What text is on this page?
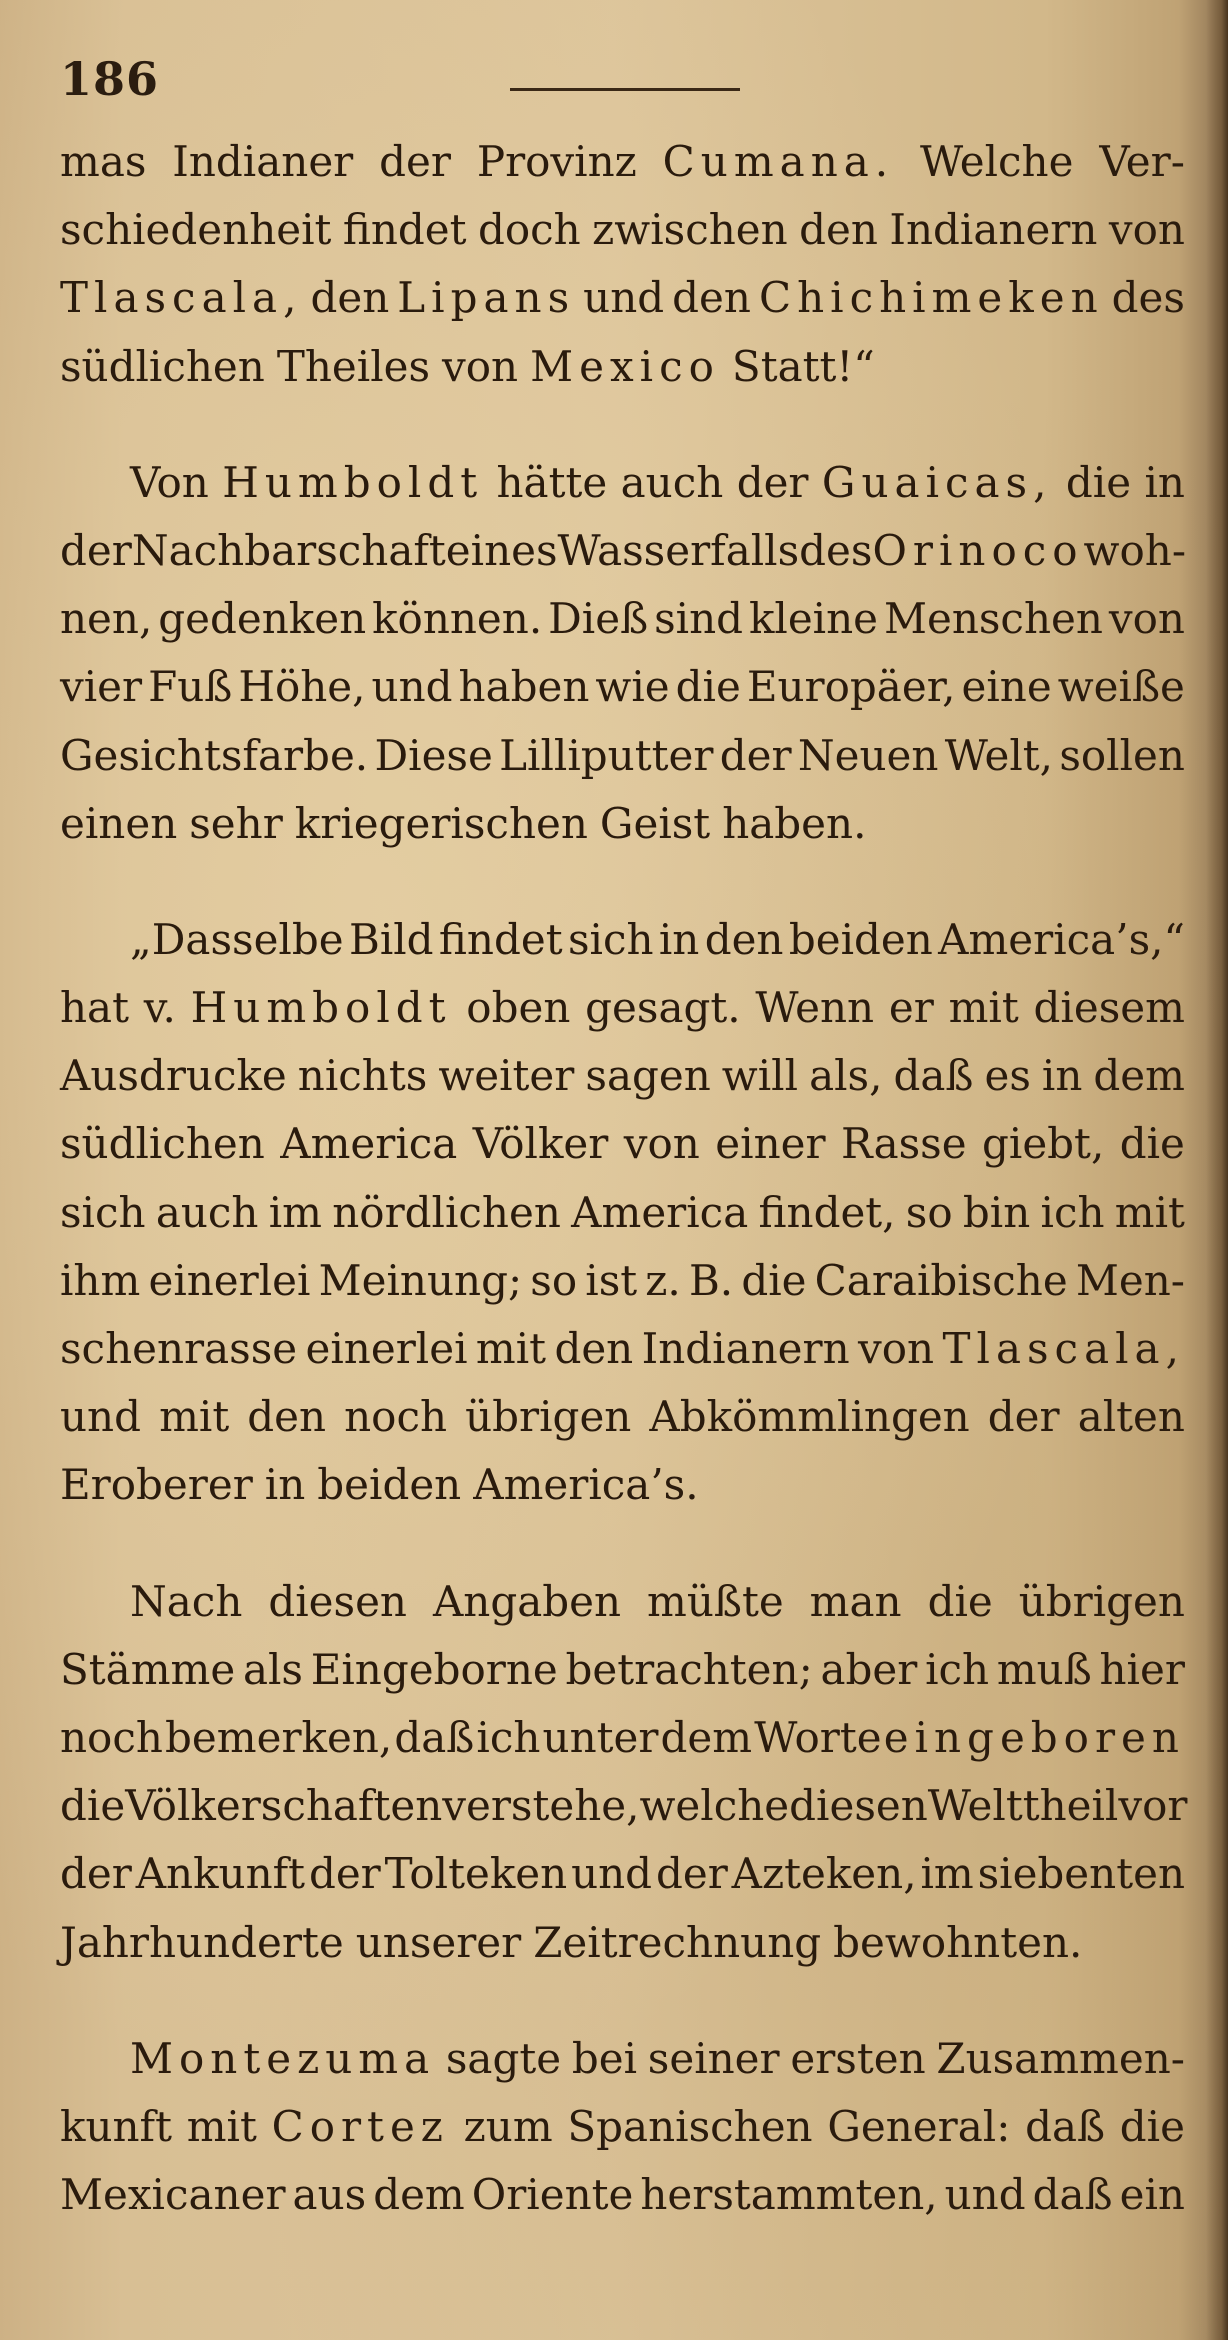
186
mas Indianer der Provinz Cumana. Welche Ver-
schiedenheit findet doch zwischen den Indianern von
Tlascala, den Lipans und den Chichimeken des
südlichen Theiles von Mexico Statt!“
Von Humboldt hätte auch der Guaicas, die in
der Nachbarschaft eines Wasserfalls des Orinoco woh-
nen, gedenken können. Dieß sind kleine Menschen von
vier Fuß Höhe, und haben wie die Europäer, eine weiße
Gesichtsfarbe. Diese Lilliputter der Neuen Welt, sollen
einen sehr kriegerischen Geist haben.
„Dasselbe Bild findet sich in den beiden America’s,“
hat v. Humboldt oben gesagt. Wenn er mit diesem
Ausdrucke nichts weiter sagen will als, daß es in dem
südlichen America Völker von einer Rasse giebt, die
sich auch im nördlichen America findet, so bin ich mit
ihm einerlei Meinung; so ist z. B. die Caraibische Men-
schenrasse einerlei mit den Indianern von Tlascala,
und mit den noch übrigen Abkömmlingen der alten
Eroberer in beiden America’s.
Nach diesen Angaben müßte man die übrigen
Stämme als Eingeborne betrachten; aber ich muß hier
noch bemerken, daß ich unter dem Worte eingeboren
die Völkerschaften verstehe, welche diesen Welttheil vor
der Ankunft der Tolteken und der Azteken, im siebenten
Jahrhunderte unserer Zeitrechnung bewohnten.
Montezuma sagte bei seiner ersten Zusammen-
kunft mit Cortez zum Spanischen General: daß die
Mexicaner aus dem Oriente herstammten, und daß ein
